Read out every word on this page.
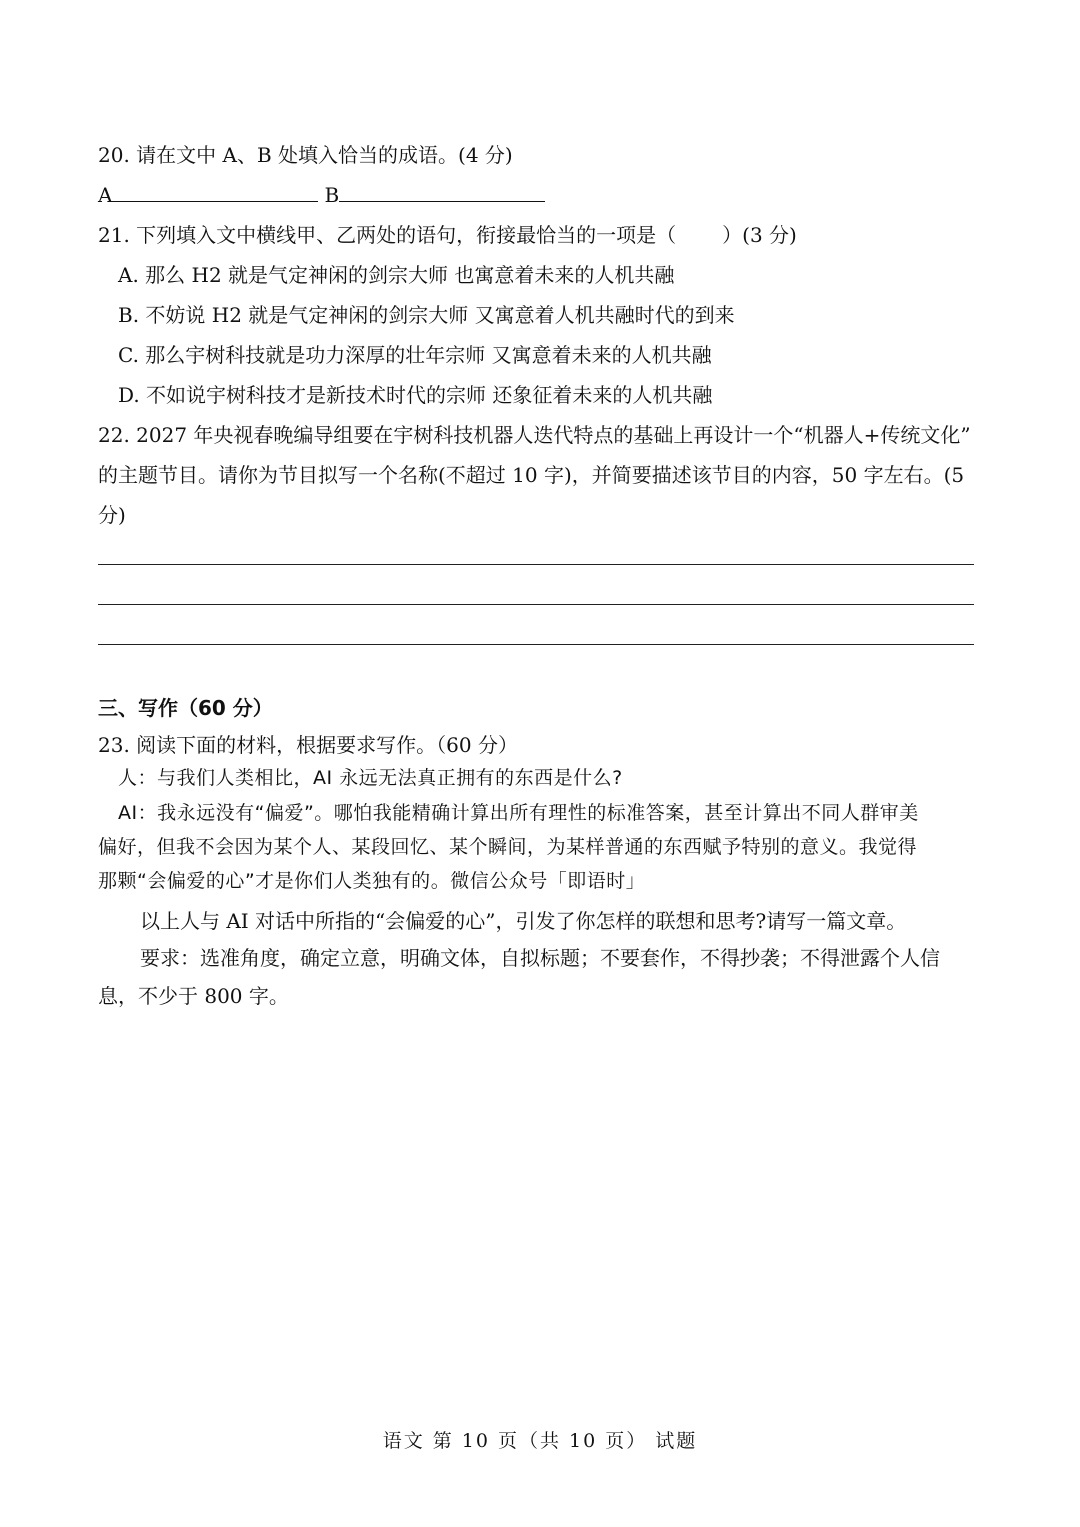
20. 请在文中 A、B 处填入恰当的成语。(4 分)
A	B
21. 下列填入文中横线甲、乙两处的语句，衔接最恰当的一项是（ ）(3 分)
A. 那么 H2 就是气定神闲的剑宗大师 也寓意着未来的人机共融
B. 不妨说 H2 就是气定神闲的剑宗大师 又寓意着人机共融时代的到来
C. 那么宇树科技就是功力深厚的壮年宗师 又寓意着未来的人机共融
D. 不如说宇树科技才是新技术时代的宗师 还象征着未来的人机共融
22. 2027 年央视春晚编导组要在宇树科技机器人迭代特点的基础上再设计一个“机器人+传统文化”
的主题节目。请你为节目拟写一个名称(不超过 10 字)，并简要描述该节目的内容，50 字左右。(5
分)
三、写作（60 分）
23. 阅读下面的材料，根据要求写作。（60 分）
人：与我们人类相比，AI 永远无法真正拥有的东西是什么?
AI：我永远没有“偏爱”。哪怕我能精确计算出所有理性的标准答案，甚至计算出不同人群审美
偏好，但我不会因为某个人、某段回忆、某个瞬间，为某样普通的东西赋予特别的意义。我觉得
那颗“会偏爱的心”才是你们人类独有的。微信公众号「即语时」
以上人与 AI 对话中所指的“会偏爱的心”，引发了你怎样的联想和思考?请写一篇文章。
要求：选准角度，确定立意，明确文体，自拟标题；不要套作，不得抄袭；不得泄露个人信
息，不少于 800 字。
语文 第 10 页（共 10 页） 试题
